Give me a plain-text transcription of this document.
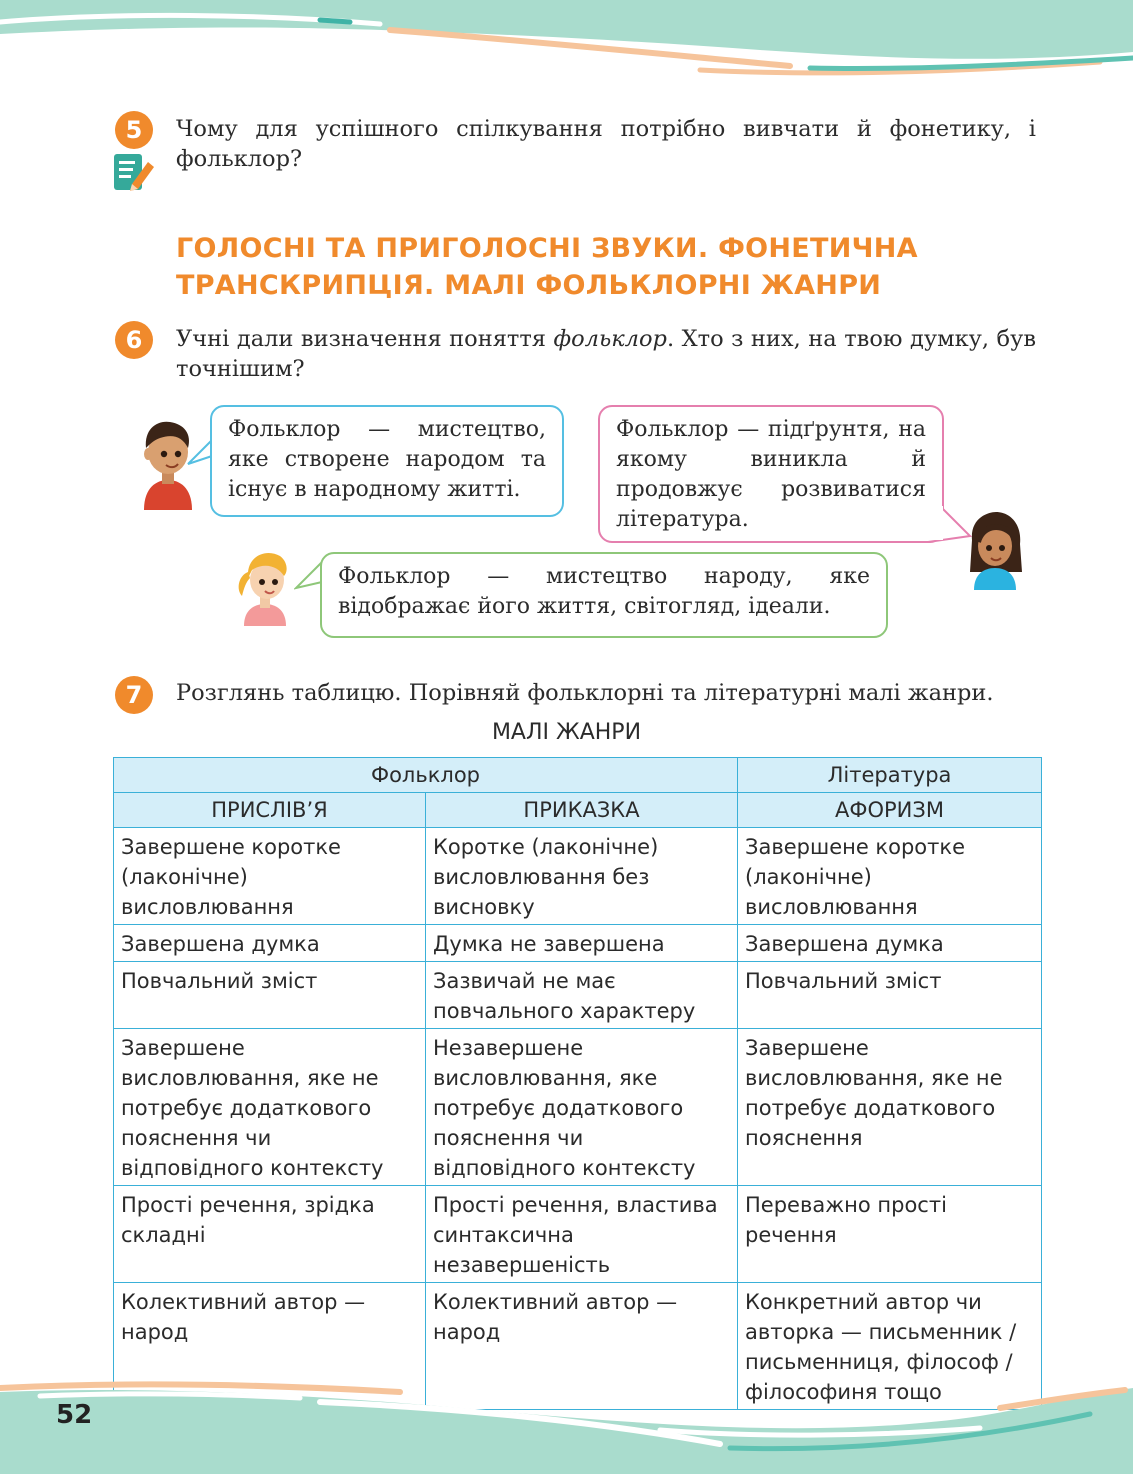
5	Чому для успішного спілкування потрібно вивчати й фонетику, і фольклор?
ГОЛОСНІ ТА ПРИГОЛОСНІ ЗВУКИ. ФОНЕТИЧНА
ТРАНСКРИПЦІЯ. МАЛІ ФОЛЬКЛОРНІ ЖАНРИ
6	Учні дали визначення поняття фольклор. Хто з них, на твою думку, був точнішим?
Фольклор — мистецтво, яке створене народом та існує в народному житті.
Фольклор — підґрунтя, на якому виникла й продовжує розвиватися література.
Фольклор — мистецтво народу, яке відображає його життя, світогляд, ідеали.
7	Розглянь таблицю. Порівняй фольклорні та літературні малі жанри.
МАЛІ ЖАНРИ
Фольклор		Література
ПРИСЛІВ’Я	ПРИКАЗКА	АФОРИЗМ
Завершене коротке (лаконічне) висловлювання	Коротке (лаконічне) висловлювання без висновку	Завершене коротке (лаконічне) висловлювання
Завершена думка	Думка не завершена	Завершена думка
Повчальний зміст	Зазвичай не має повчального характеру	Повчальний зміст
Завершене висловлювання, яке не потребує додаткового пояснення чи відповідного контексту	Незавершене висловлювання, яке потребує додаткового пояснення чи відповідного контексту	Завершене висловлювання, яке не потребує додаткового пояснення
Прості речення, зрідка складні	Прості речення, властива синтаксична незавершеність	Переважно прості речення
Колективний автор — народ	Колективний автор — народ	Конкретний автор чи авторка — письменник / письменниця, філософ / філософиня тощо
52
